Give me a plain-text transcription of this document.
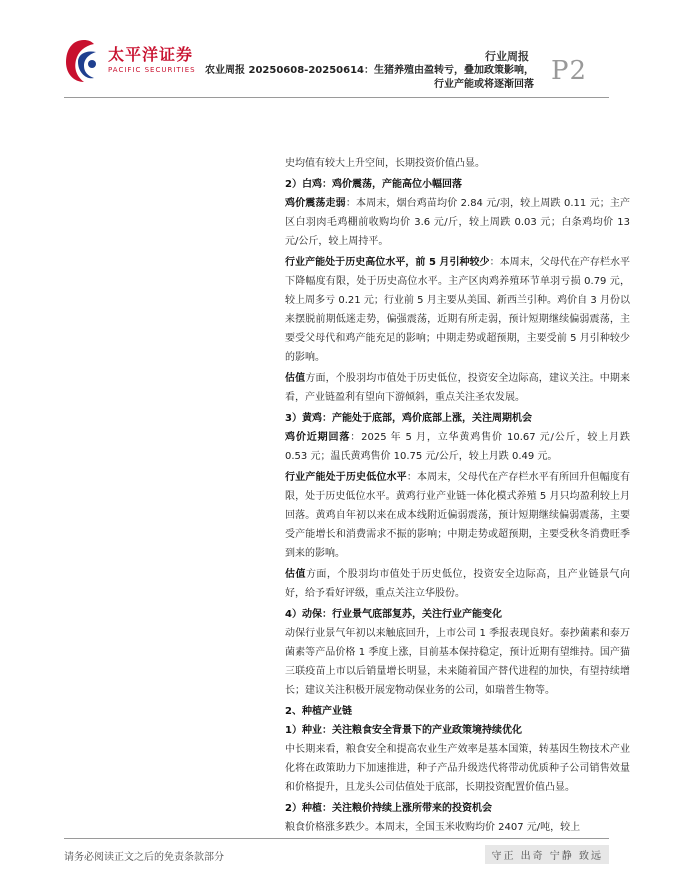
太平洋证券
PACIFIC SECURITIES
行业周报
农业周报 20250608-20250614：生猪养殖由盈转亏，叠加政策影响，行业产能或将逐渐回落 P2

史均值有较大上升空间，长期投资价值凸显。

2）白鸡：鸡价震荡，产能高位小幅回落

鸡价震荡走弱：本周末，烟台鸡苗均价 2.84 元/羽，较上周跌 0.11 元；主产区白羽肉毛鸡棚前收购均价 3.6 元/斤，较上周跌 0.03 元；白条鸡均价 13 元/公斤，较上周持平。

行业产能处于历史高位水平，前 5 月引种较少：本周末，父母代在产存栏水平下降幅度有限，处于历史高位水平。主产区肉鸡养殖环节单羽亏损 0.79 元，较上周多亏 0.21 元；行业前 5 月主要从美国、新西兰引种。鸡价自 3 月份以来摆脱前期低迷走势，偏强震荡，近期有所走弱，预计短期继续偏弱震荡，主要受父母代和鸡产能充足的影响；中期走势或超预期，主要受前 5 月引种较少的影响。

估值方面，个股羽均市值处于历史低位，投资安全边际高，建议关注。中期来看，产业链盈利有望向下游倾斜，重点关注圣农发展。

3）黄鸡：产能处于底部，鸡价底部上涨，关注周期机会

鸡价近期回落：2025 年 5 月，立华黄鸡售价 10.67 元/公斤，较上月跌 0.53 元；温氏黄鸡售价 10.75 元/公斤，较上月跌 0.49 元。

行业产能处于历史低位水平：本周末，父母代在产存栏水平有所回升但幅度有限，处于历史低位水平。黄鸡行业产业链一体化模式养殖 5 月只均盈利较上月回落。黄鸡自年初以来在成本线附近偏弱震荡，预计短期继续偏弱震荡，主要受产能增长和消费需求不振的影响；中期走势或超预期，主要受秋冬消费旺季到来的影响。

估值方面，个股羽均市值处于历史低位，投资安全边际高，且产业链景气向好，给予看好评级，重点关注立华股份。

4）动保：行业景气底部复苏，关注行业产能变化

动保行业景气年初以来触底回升，上市公司 1 季报表现良好。泰抄菌素和泰万菌素等产品价格 1 季度上涨，目前基本保持稳定，预计近期有望维持。国产猫三联疫苗上市以后销量增长明显，未来随着国产替代进程的加快，有望持续增长；建议关注积极开展宠物动保业务的公司，如瑞普生物等。

2、种植产业链

1）种业：关注粮食安全背景下的产业政策境持续优化

中长期来看，粮食安全和提高农业生产效率是基本国策，转基因生物技术产业化将在政策助力下加速推进，种子产品升级迭代将带动优质种子公司销售效量和价格提升，且龙头公司估值处于底部，长期投资配置价值凸显。

2）种植：关注粮价持续上涨所带来的投资机会

粮食价格涨多跌少。本周末，全国玉米收购均价 2407 元/吨，较上

请务必阅读正文之后的免责条款部分	守正 出奇 宁静 致远
